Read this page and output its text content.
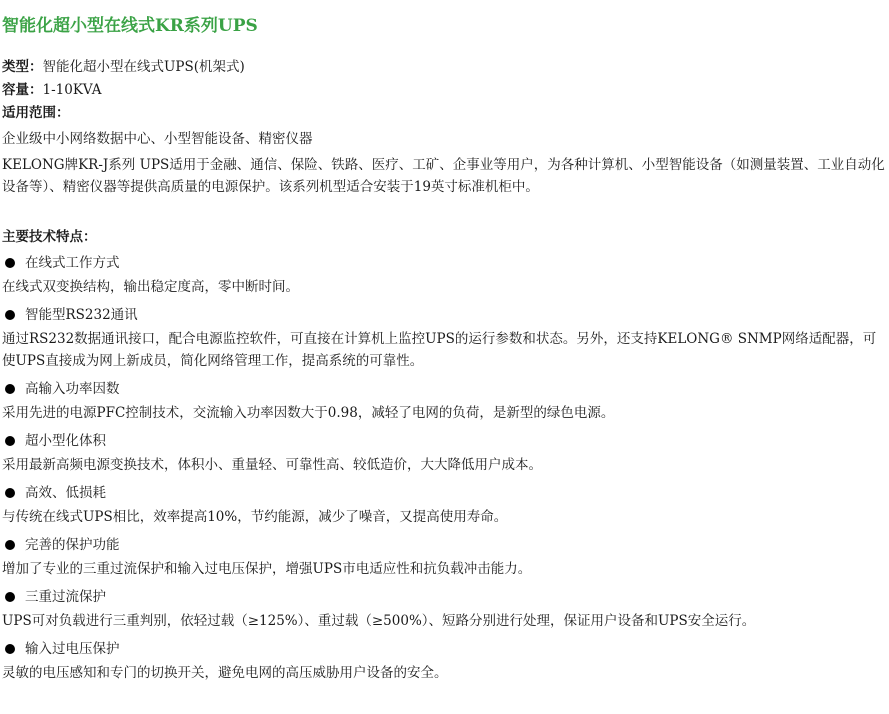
智能化超小型在线式KR系列UPS
类型：智能化超小型在线式UPS(机架式)
容量：1-10KVA
适用范围：
企业级中小网络数据中心、小型智能设备、精密仪器
KELONG牌KR-J系列 UPS适用于金融、通信、保险、铁路、医疗、工矿、企事业等用户，为各种计算机、小型智能设备（如测量装置、工业自动化设备等）、精密仪器等提供高质量的电源保护。该系列机型适合安装于19英寸标准机柜中。
主要技术特点：
在线式工作方式
在线式双变换结构，输出稳定度高，零中断时间。
智能型RS232通讯
通过RS232数据通讯接口，配合电源监控软件，可直接在计算机上监控UPS的运行参数和状态。另外，还支持KELONG® SNMP网络适配器，可使UPS直接成为网上新成员，简化网络管理工作，提高系统的可靠性。
高输入功率因数
采用先进的电源PFC控制技术，交流输入功率因数大于0.98，减轻了电网的负荷，是新型的绿色电源。
超小型化体积
采用最新高频电源变换技术，体积小、重量轻、可靠性高、较低造价，大大降低用户成本。
高效、低损耗
与传统在线式UPS相比，效率提高10%，节约能源，减少了噪音，又提高使用寿命。
完善的保护功能
增加了专业的三重过流保护和输入过电压保护，增强UPS市电适应性和抗负载冲击能力。
三重过流保护
UPS可对负载进行三重判别，依轻过载（≥125%）、重过载（≥500%）、短路分别进行处理，保证用户设备和UPS安全运行。
输入过电压保护
灵敏的电压感知和专门的切换开关，避免电网的高压威胁用户设备的安全。
